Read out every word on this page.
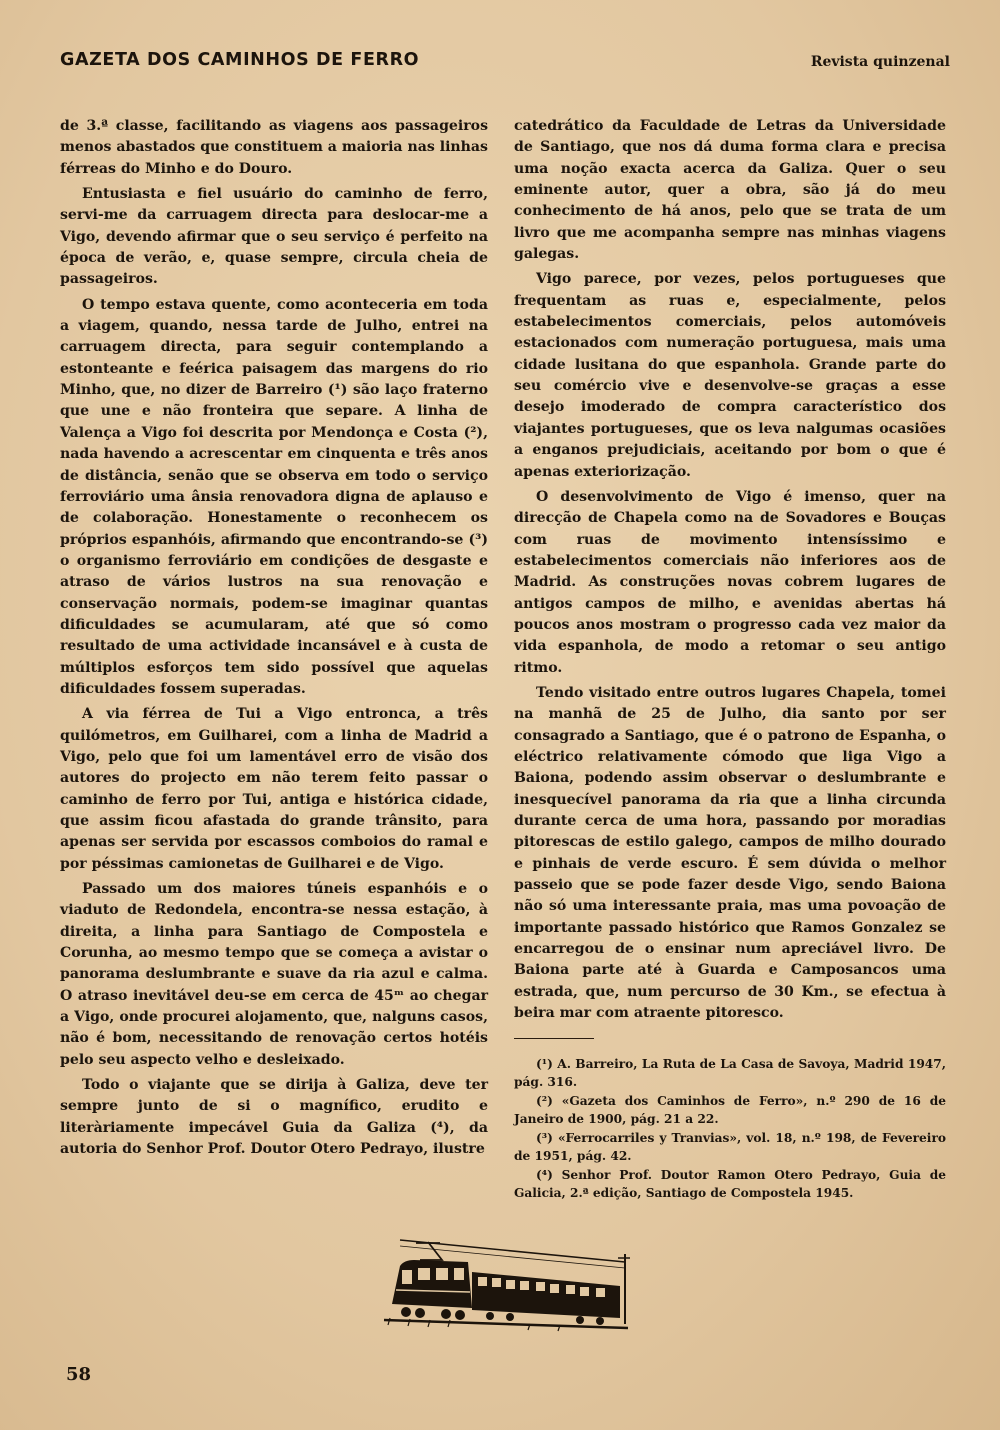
GAZETA DOS CAMINHOS DE FERRO	Revista quinzenal

de 3.ª classe, facilitando as viagens aos passageiros menos abastados que constituem a maioria nas linhas férreas do Minho e do Douro.

Entusiasta e fiel usuário do caminho de ferro, servi-me da carruagem directa para deslocar-me a Vigo, devendo afirmar que o seu serviço é perfeito na época de verão, e, quase sempre, circula cheia de passageiros.

O tempo estava quente, como aconteceria em toda a viagem, quando, nessa tarde de Julho, entrei na carruagem directa, para seguir contemplando a estonteante e feérica paisagem das margens do rio Minho, que, no dizer de Barreiro (¹) são laço fraterno que une e não fronteira que separe. A linha de Valença a Vigo foi descrita por Mendonça e Costa (²), nada havendo a acrescentar em cinquenta e três anos de distância, senão que se observa em todo o serviço ferroviário uma ânsia renovadora digna de aplauso e de colaboração. Honestamente o reconhecem os próprios espanhóis, afirmando que encontrando-se (³) o organismo ferroviário em condições de desgaste e atraso de vários lustros na sua renovação e conservação normais, podem-se imaginar quantas dificuldades se acumularam, até que só como resultado de uma actividade incansável e à custa de múltiplos esforços tem sido possível que aquelas dificuldades fossem superadas.

A via férrea de Tui a Vigo entronca, a três quilómetros, em Guilharei, com a linha de Madrid a Vigo, pelo que foi um lamentável erro de visão dos autores do projecto em não terem feito passar o caminho de ferro por Tui, antiga e histórica cidade, que assim ficou afastada do grande trânsito, para apenas ser servida por escassos comboios do ramal e por péssimas camionetas de Guilharei e de Vigo.

Passado um dos maiores túneis espanhóis e o viaduto de Redondela, encontra-se nessa estação, à direita, a linha para Santiago de Compostela e Corunha, ao mesmo tempo que se começa a avistar o panorama deslumbrante e suave da ria azul e calma. O atraso inevitável deu-se em cerca de 45ᵐ ao chegar a Vigo, onde procurei alojamento, que, nalguns casos, não é bom, necessitando de renovação certos hotéis pelo seu aspecto velho e desleixado.

Todo o viajante que se dirija à Galiza, deve ter sempre junto de si o magnífico, erudito e literàriamente impecável Guia da Galiza (⁴), da autoria do Senhor Prof. Doutor Otero Pedrayo, ilustre

catedrático da Faculdade de Letras da Universidade de Santiago, que nos dá duma forma clara e precisa uma noção exacta acerca da Galiza. Quer o seu eminente autor, quer a obra, são já do meu conhecimento de há anos, pelo que se trata de um livro que me acompanha sempre nas minhas viagens galegas.

Vigo parece, por vezes, pelos portugueses que frequentam as ruas e, especialmente, pelos estabelecimentos comerciais, pelos automóveis estacionados com numeração portuguesa, mais uma cidade lusitana do que espanhola. Grande parte do seu comércio vive e desenvolve-se graças a esse desejo imoderado de compra característico dos viajantes portugueses, que os leva nalgumas ocasiões a enganos prejudiciais, aceitando por bom o que é apenas exteriorização.

O desenvolvimento de Vigo é imenso, quer na direcção de Chapela como na de Sovadores e Bouças com ruas de movimento intensíssimo e estabelecimentos comerciais não inferiores aos de Madrid. As construções novas cobrem lugares de antigos campos de milho, e avenidas abertas há poucos anos mostram o progresso cada vez maior da vida espanhola, de modo a retomar o seu antigo ritmo.

Tendo visitado entre outros lugares Chapela, tomei na manhã de 25 de Julho, dia santo por ser consagrado a Santiago, que é o patrono de Espanha, o eléctrico relativamente cómodo que liga Vigo a Baiona, podendo assim observar o deslumbrante e inesquecível panorama da ria que a linha circunda durante cerca de uma hora, passando por moradias pitorescas de estilo galego, campos de milho dourado e pinhais de verde escuro. É sem dúvida o melhor passeio que se pode fazer desde Vigo, sendo Baiona não só uma interessante praia, mas uma povoação de importante passado histórico que Ramos Gonzalez se encarregou de o ensinar num apreciável livro. De Baiona parte até à Guarda e Camposancos uma estrada, que, num percurso de 30 Km., se efectua à beira mar com atraente pitoresco.

(¹) A. Barreiro, La Ruta de La Casa de Savoya, Madrid 1947, pág. 316.

(²) «Gazeta dos Caminhos de Ferro», n.º 290 de 16 de Janeiro de 1900, pág. 21 a 22.

(³) «Ferrocarriles y Tranvias», vol. 18, n.º 198, de Fevereiro de 1951, pág. 42.

(⁴) Senhor Prof. Doutor Ramon Otero Pedrayo, Guia de Galicia, 2.ª edição, Santiago de Compostela 1945.

58
